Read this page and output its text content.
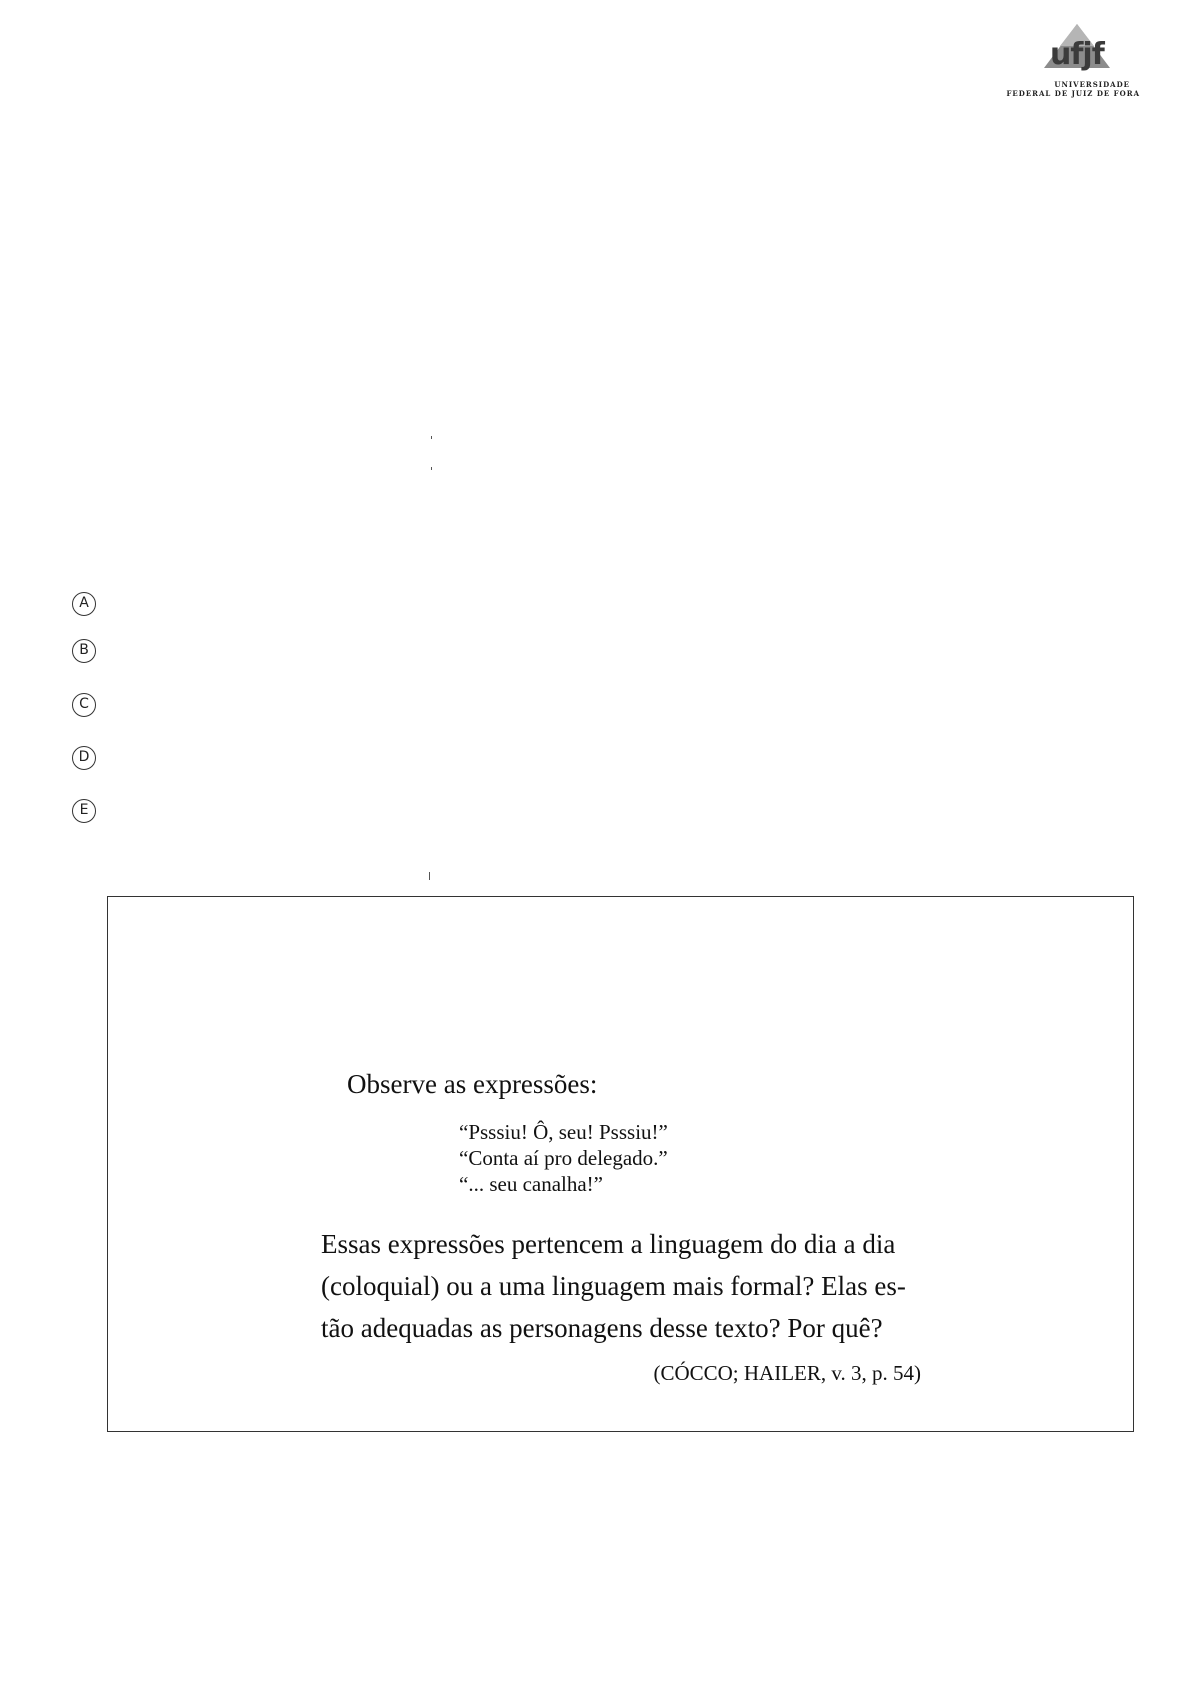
ufjf
UNIVERSIDADE
FEDERAL DE JUIZ DE FORA
A
B
C
D
E
Observe as expressões:
“Psssiu! Ô, seu! Psssiu!”
“Conta aí pro delegado.”
“... seu canalha!”
Essas expressões pertencem a linguagem do dia a dia
(coloquial) ou a uma linguagem mais formal? Elas es-
tão adequadas as personagens desse texto? Por quê?
(CÓCCO; HAILER, v. 3, p. 54)
